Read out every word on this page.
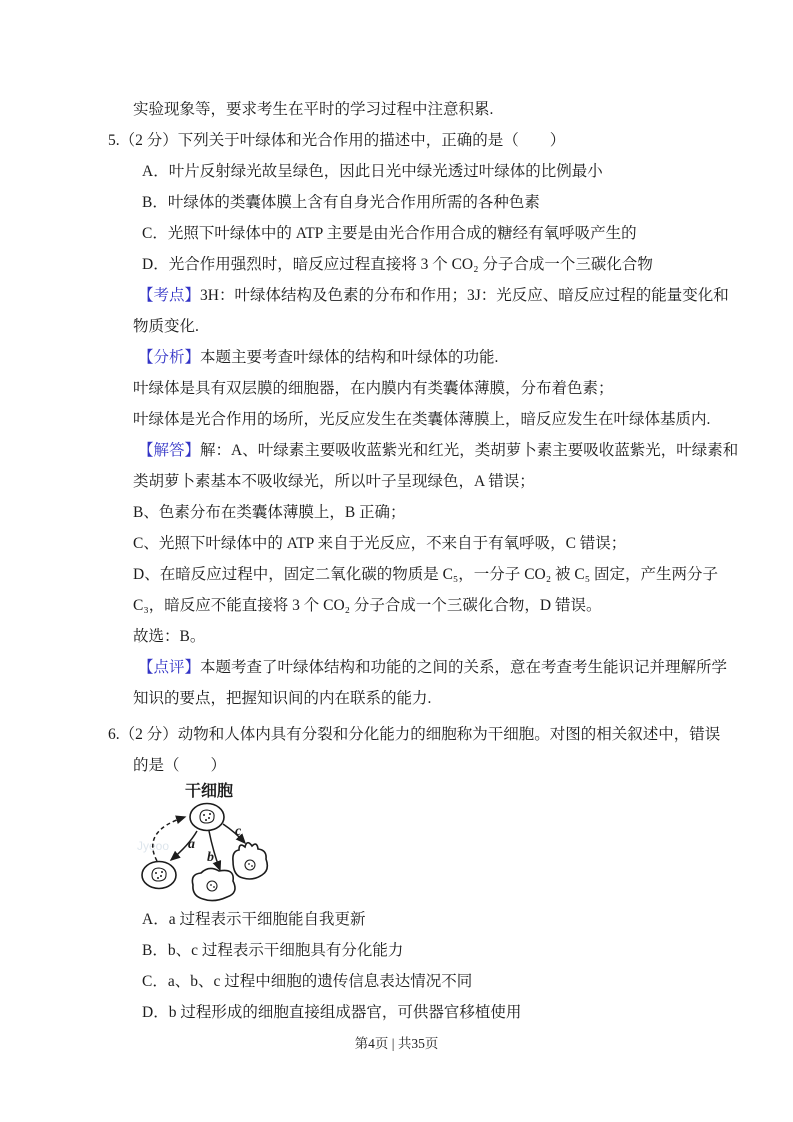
实验现象等，要求考生在平时的学习过程中注意积累.
5.（2 分）下列关于叶绿体和光合作用的描述中，正确的是（　　）
A．叶片反射绿光故呈绿色，因此日光中绿光透过叶绿体的比例最小
B．叶绿体的类囊体膜上含有自身光合作用所需的各种色素
C．光照下叶绿体中的 ATP 主要是由光合作用合成的糖经有氧呼吸产生的
D．光合作用强烈时，暗反应过程直接将 3 个 CO₂ 分子合成一个三碳化合物
【考点】3H：叶绿体结构及色素的分布和作用；3J：光反应、暗反应过程的能量变化和
物质变化.
【分析】本题主要考查叶绿体的结构和叶绿体的功能.
叶绿体是具有双层膜的细胞器，在内膜内有类囊体薄膜，分布着色素；
叶绿体是光合作用的场所，光反应发生在类囊体薄膜上，暗反应发生在叶绿体基质内.
【解答】解：A、叶绿素主要吸收蓝紫光和红光，类胡萝卜素主要吸收蓝紫光，叶绿素和
类胡萝卜素基本不吸收绿光，所以叶子呈现绿色，A 错误；
B、色素分布在类囊体薄膜上，B 正确；
C、光照下叶绿体中的 ATP 来自于光反应，不来自于有氧呼吸，C 错误；
D、在暗反应过程中，固定二氧化碳的物质是 C₅，一分子 CO₂ 被 C₅ 固定，产生两分子
C₃，暗反应不能直接将 3 个 CO₂ 分子合成一个三碳化合物，D 错误。
故选：B。
【点评】本题考查了叶绿体结构和功能的之间的关系，意在考查考生能识记并理解所学
知识的要点，把握知识间的内在联系的能力.
6.（2 分）动物和人体内具有分裂和分化能力的细胞称为干细胞。对图的相关叙述中，错误
的是（　　）
Jyeoo
干细胞
a
b
c
A．a 过程表示干细胞能自我更新
B．b、c 过程表示干细胞具有分化能力
C．a、b、c 过程中细胞的遗传信息表达情况不同
D．b 过程形成的细胞直接组成器官，可供器官移植使用
第4页 | 共35页
